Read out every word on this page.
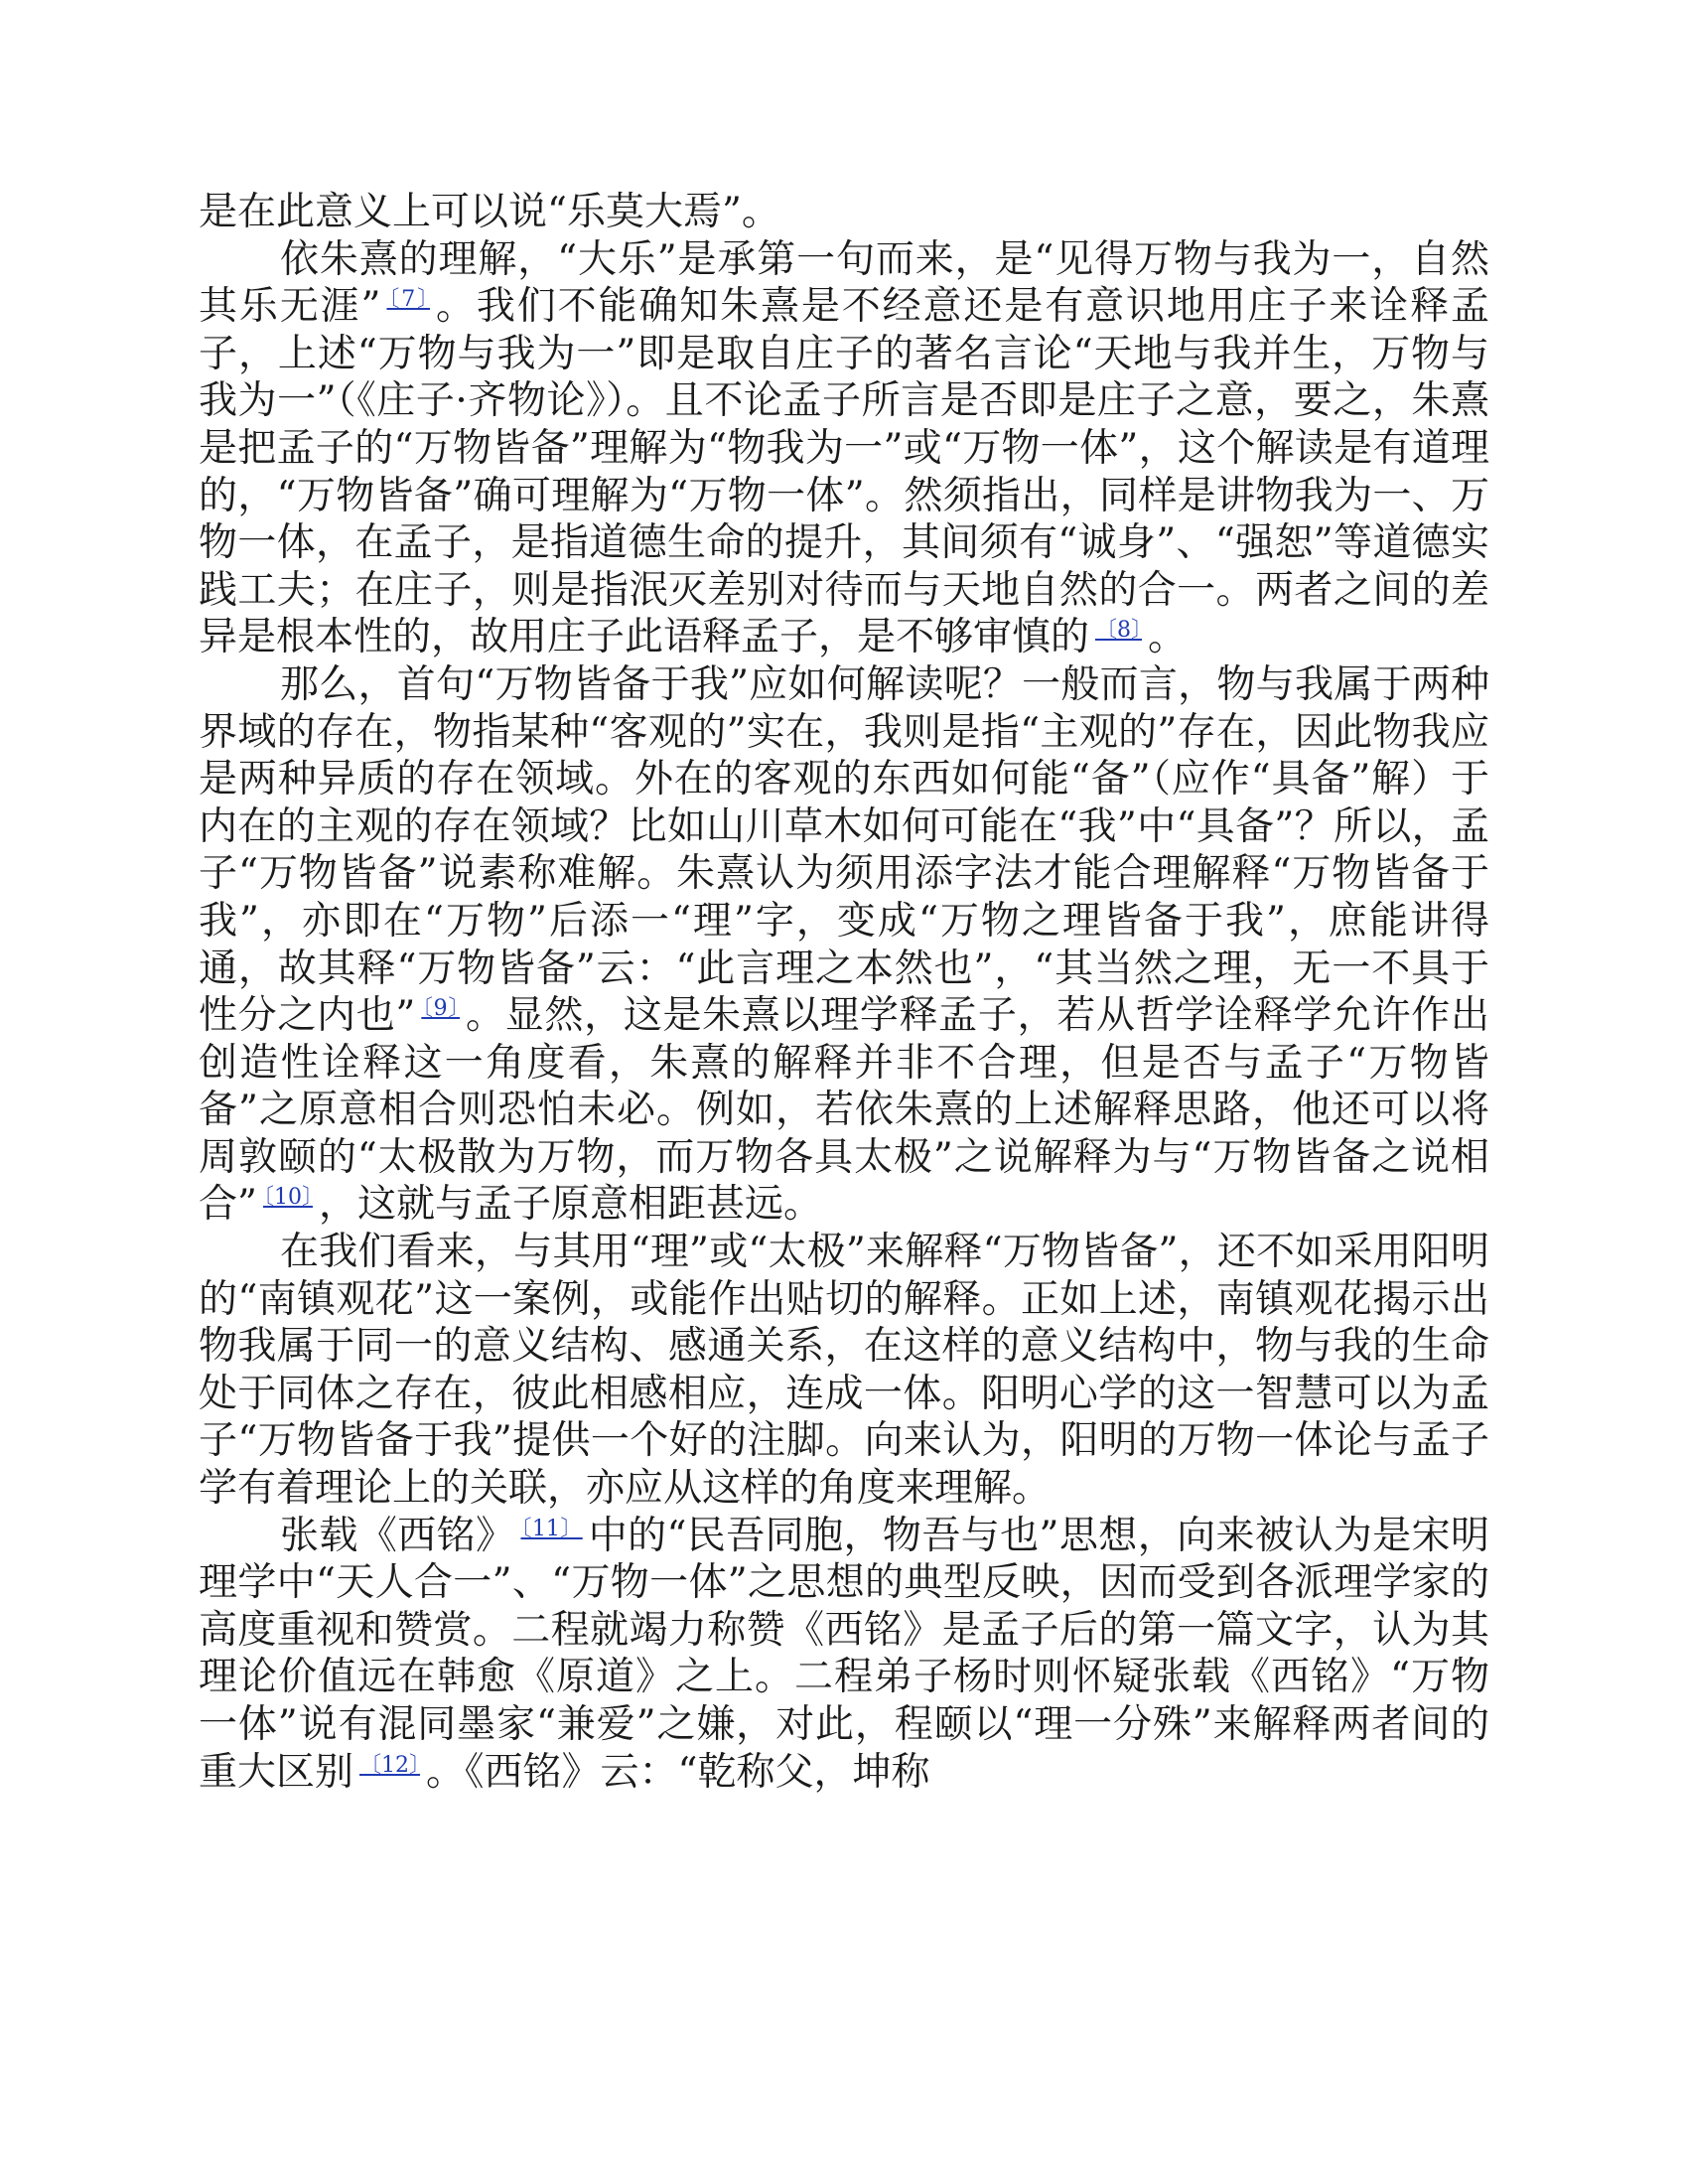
是在此意义上可以说“乐莫大焉”。

依朱熹的理解，“大乐”是承第一句而来，是“见得万物与我为一，自然其乐无涯” $^{〔7〕}$ 。我们不能确知朱熹是不经意还是有意识地用庄子来诠释孟子，上述“万物与我为一”即是取自庄子的著名言论“天地与我并生，万物与我为一”（《庄子·齐物论》）。且不论孟子所言是否即是庄子之意，要之，朱熹是把孟子的“万物皆备”理解为“物我为一”或“万物一体”，这个解读是有道理的，“万物皆备”确可理解为“万物一体”。然须指出，同样是讲物我为一、万物一体，在孟子，是指道德生命的提升，其间须有“诚身”、“强恕”等道德实践工夫；在庄子，则是指泯灭差别对待而与天地自然的合一。两者之间的差异是根本性的，故用庄子此语释孟子，是不够审慎的 $^{〔8〕}$ 。

那么，首句“万物皆备于我”应如何解读呢？一般而言，物与我属于两种界域的存在，物指某种“客观的”实在，我则是指“主观的”存在，因此物我应是两种异质的存在领域。外在的客观的东西如何能“备”（应作“具备”解）于内在的主观的存在领域？比如山川草木如何可能在“我”中“具备”？所以，孟子“万物皆备”说素称难解。朱熹认为须用添字法才能合理解释“万物皆备于我”，亦即在“万物”后添一“理”字，变成“万物之理皆备于我”，庶能讲得通，故其释“万物皆备”云：“此言理之本然也”，“其当然之理，无一不具于性分之内也” $^{〔9〕}$ 。显然，这是朱熹以理学释孟子，若从哲学诠释学允许作出创造性诠释这一角度看，朱熹的解释并非不合理，但是否与孟子“万物皆备”之原意相合则恐怕未必。例如，若依朱熹的上述解释思路，他还可以将周敦颐的“太极散为万物，而万物各具太极”之说解释为与“万物皆备之说相合” $^{〔10〕}$ ，这就与孟子原意相距甚远。

在我们看来，与其用“理”或“太极”来解释“万物皆备”，还不如采用阳明的“南镇观花”这一案例，或能作出贴切的解释。正如上述，南镇观花揭示出物我属于同一的意义结构、感通关系，在这样的意义结构中，物与我的生命处于同体之存在，彼此相感相应，连成一体。阳明心学的这一智慧可以为孟子“万物皆备于我”提供一个好的注脚。向来认为，阳明的万物一体论与孟子学有着理论上的关联，亦应从这样的角度来理解。

张载《西铭》 $^{〔11〕}$ 中的“民吾同胞，物吾与也”思想，向来被认为是宋明理学中“天人合一”、“万物一体”之思想的典型反映，因而受到各派理学家的高度重视和赞赏。二程就竭力称赞《西铭》是孟子后的第一篇文字，认为其理论价值远在韩愈《原道》之上。二程弟子杨时则怀疑张载《西铭》“万物一体”说有混同墨家“兼爱”之嫌，对此，程颐以“理一分殊”来解释两者间的重大区别 $^{〔12〕}$ 。《西铭》云：“乾称父，坤称
